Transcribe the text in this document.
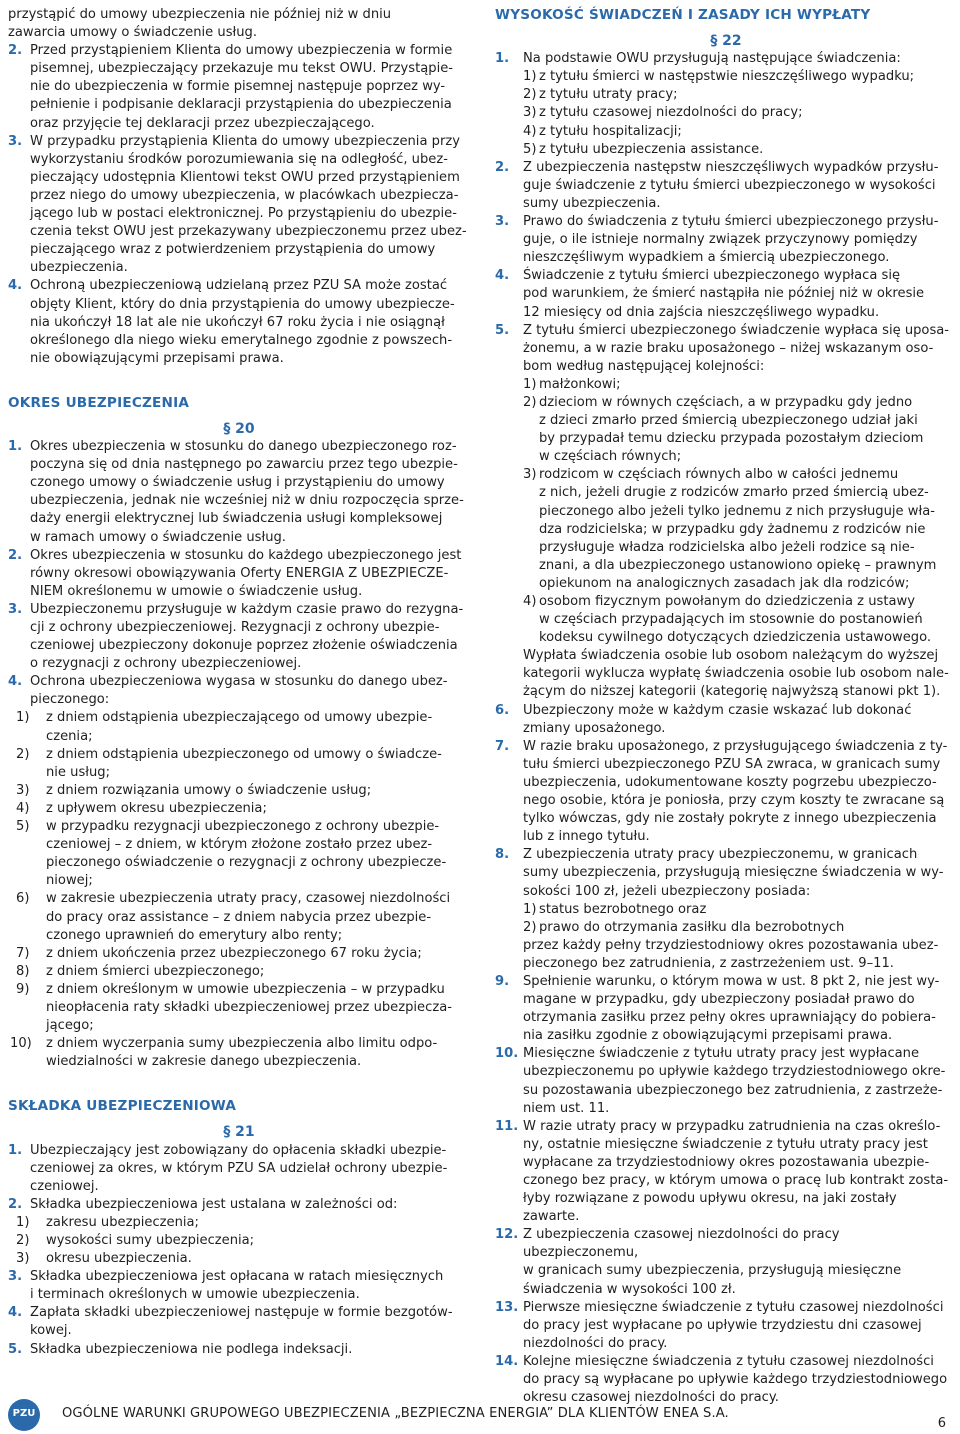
przystąpić do umowy ubezpieczenia nie później niż w dniu
zawarcia umowy o świadczenie usług.
2. Przed przystąpieniem Klienta do umowy ubezpieczenia w formie
pisemnej, ubezpieczający przekazuje mu tekst OWU. Przystąpie-
nie do ubezpieczenia w formie pisemnej następuje poprzez wy-
pełnienie i podpisanie deklaracji przystąpienia do ubezpieczenia
oraz przyjęcie tej deklaracji przez ubezpieczającego.
3. W przypadku przystąpienia Klienta do umowy ubezpieczenia przy
wykorzystaniu środków porozumiewania się na odległość, ubez-
pieczający udostępnia Klientowi tekst OWU przed przystąpieniem
przez niego do umowy ubezpieczenia, w placówkach ubezpiecza-
jącego lub w postaci elektronicznej. Po przystąpieniu do ubezpie-
czenia tekst OWU jest przekazywany ubezpieczonemu przez ubez-
pieczającego wraz z potwierdzeniem przystąpienia do umowy
ubezpieczenia.
4. Ochroną ubezpieczeniową udzielaną przez PZU SA może zostać
objęty Klient, który do dnia przystąpienia do umowy ubezpiecze-
nia ukończył 18 lat ale nie ukończył 67 roku życia i nie osiągnął
określonego dla niego wieku emerytalnego zgodnie z powszech-
nie obowiązującymi przepisami prawa.
OKRES UBEZPIECZENIA
§ 20
1. Okres ubezpieczenia w stosunku do danego ubezpieczonego roz-
poczyna się od dnia następnego po zawarciu przez tego ubezpie-
czonego umowy o świadczenie usług i przystąpieniu do umowy
ubezpieczenia, jednak nie wcześniej niż w dniu rozpoczęcia sprze-
daży energii elektrycznej lub świadczenia usługi kompleksowej
w ramach umowy o świadczenie usług.
2. Okres ubezpieczenia w stosunku do każdego ubezpieczonego jest
równy okresowi obowiązywania Oferty ENERGIA Z UBEZPIECZE-
NIEM określonemu w umowie o świadczenie usług.
3. Ubezpieczonemu przysługuje w każdym czasie prawo do rezygna-
cji z ochrony ubezpieczeniowej. Rezygnacji z ochrony ubezpie-
czeniowej ubezpieczony dokonuje poprzez złożenie oświadczenia
o rezygnacji z ochrony ubezpieczeniowej.
4. Ochrona ubezpieczeniowa wygasa w stosunku do danego ubez-
pieczonego:
1) z dniem odstąpienia ubezpieczającego od umowy ubezpie-
czenia;
2) z dniem odstąpienia ubezpieczonego od umowy o świadcze-
nie usług;
3) z dniem rozwiązania umowy o świadczenie usług;
4) z upływem okresu ubezpieczenia;
5) w przypadku rezygnacji ubezpieczonego z ochrony ubezpie-
czeniowej – z dniem, w którym złożone zostało przez ubez-
pieczonego oświadczenie o rezygnacji z ochrony ubezpiecze-
niowej;
6) w zakresie ubezpieczenia utraty pracy, czasowej niezdolności
do pracy oraz assistance – z dniem nabycia przez ubezpie-
czonego uprawnień do emerytury albo renty;
7) z dniem ukończenia przez ubezpieczonego 67 roku życia;
8) z dniem śmierci ubezpieczonego;
9) z dniem określonym w umowie ubezpieczenia – w przypadku
nieopłacenia raty składki ubezpieczeniowej przez ubezpiecza-
jącego;
10) z dniem wyczerpania sumy ubezpieczenia albo limitu odpo-
wiedzialności w zakresie danego ubezpieczenia.
SKŁADKA UBEZPIECZENIOWA
§ 21
1. Ubezpieczający jest zobowiązany do opłacenia składki ubezpie-
czeniowej za okres, w którym PZU SA udzielał ochrony ubezpie-
czeniowej.
2. Składka ubezpieczeniowa jest ustalana w zależności od:
1) zakresu ubezpieczenia;
2) wysokości sumy ubezpieczenia;
3) okresu ubezpieczenia.
3. Składka ubezpieczeniowa jest opłacana w ratach miesięcznych
i terminach określonych w umowie ubezpieczenia.
4. Zapłata składki ubezpieczeniowej następuje w formie bezgotów-
kowej.
5. Składka ubezpieczeniowa nie podlega indeksacji.
WYSOKOŚĆ ŚWIADCZEŃ I ZASADY ICH WYPŁATY
§ 22
1. Na podstawie OWU przysługują następujące świadczenia:
1) z tytułu śmierci w następstwie nieszczęśliwego wypadku;
2) z tytułu utraty pracy;
3) z tytułu czasowej niezdolności do pracy;
4) z tytułu hospitalizacji;
5) z tytułu ubezpieczenia assistance.
2. Z ubezpieczenia następstw nieszczęśliwych wypadków przysłu-
guje świadczenie z tytułu śmierci ubezpieczonego w wysokości
sumy ubezpieczenia.
3. Prawo do świadczenia z tytułu śmierci ubezpieczonego przysłu-
guje, o ile istnieje normalny związek przyczynowy pomiędzy
nieszczęśliwym wypadkiem a śmiercią ubezpieczonego.
4. Świadczenie z tytułu śmierci ubezpieczonego wypłaca się
pod warunkiem, że śmierć nastąpiła nie później niż w okresie
12 miesięcy od dnia zajścia nieszczęśliwego wypadku.
5. Z tytułu śmierci ubezpieczonego świadczenie wypłaca się uposa-
żonemu, a w razie braku uposażonego – niżej wskazanym oso-
bom według następującej kolejności:
1) małżonkowi;
2) dzieciom w równych częściach, a w przypadku gdy jedno
z dzieci zmarło przed śmiercią ubezpieczonego udział jaki
by przypadał temu dziecku przypada pozostałym dzieciom
w częściach równych;
3) rodzicom w częściach równych albo w całości jednemu
z nich, jeżeli drugie z rodziców zmarło przed śmiercią ubez-
pieczonego albo jeżeli tylko jednemu z nich przysługuje wła-
dza rodzicielska; w przypadku gdy żadnemu z rodziców nie
przysługuje władza rodzicielska albo jeżeli rodzice są nie-
znani, a dla ubezpieczonego ustanowiono opiekę – prawnym
opiekunom na analogicznych zasadach jak dla rodziców;
4) osobom fizycznym powołanym do dziedziczenia z ustawy
w częściach przypadających im stosownie do postanowień
kodeksu cywilnego dotyczących dziedziczenia ustawowego.
Wypłata świadczenia osobie lub osobom należącym do wyższej
kategorii wyklucza wypłatę świadczenia osobie lub osobom nale-
żącym do niższej kategorii (kategorię najwyższą stanowi pkt 1).
6. Ubezpieczony może w każdym czasie wskazać lub dokonać
zmiany uposażonego.
7. W razie braku uposażonego, z przysługującego świadczenia z ty-
tułu śmierci ubezpieczonego PZU SA zwraca, w granicach sumy
ubezpieczenia, udokumentowane koszty pogrzebu ubezpieczo-
nego osobie, która je poniosła, przy czym koszty te zwracane są
tylko wówczas, gdy nie zostały pokryte z innego ubezpieczenia
lub z innego tytułu.
8. Z ubezpieczenia utraty pracy ubezpieczonemu, w granicach
sumy ubezpieczenia, przysługują miesięczne świadczenia w wy-
sokości 100 zł, jeżeli ubezpieczony posiada:
1) status bezrobotnego oraz
2) prawo do otrzymania zasiłku dla bezrobotnych
przez każdy pełny trzydziestodniowy okres pozostawania ubez-
pieczonego bez zatrudnienia, z zastrzeżeniem ust. 9–11.
9. Spełnienie warunku, o którym mowa w ust. 8 pkt 2, nie jest wy-
magane w przypadku, gdy ubezpieczony posiadał prawo do
otrzymania zasiłku przez pełny okres uprawniający do pobiera-
nia zasiłku zgodnie z obowiązującymi przepisami prawa.
10. Miesięczne świadczenie z tytułu utraty pracy jest wypłacane
ubezpieczonemu po upływie każdego trzydziestodniowego okre-
su pozostawania ubezpieczonego bez zatrudnienia, z zastrzeże-
niem ust. 11.
11. W razie utraty pracy w przypadku zatrudnienia na czas określo-
ny, ostatnie miesięczne świadczenie z tytułu utraty pracy jest
wypłacane za trzydziestodniowy okres pozostawania ubezpie-
czonego bez pracy, w którym umowa o pracę lub kontrakt zosta-
łyby rozwiązane z powodu upływu okresu, na jaki zostały
zawarte.
12. Z ubezpieczenia czasowej niezdolności do pracy ubezpieczonemu,
w granicach sumy ubezpieczenia, przysługują miesięczne
świadczenia w wysokości 100 zł.
13. Pierwsze miesięczne świadczenie z tytułu czasowej niezdolności
do pracy jest wypłacane po upływie trzydziestu dni czasowej
niezdolności do pracy.
14. Kolejne miesięczne świadczenia z tytułu czasowej niezdolności
do pracy są wypłacane po upływie każdego trzydziestodniowego
okresu czasowej niezdolności do pracy.
PZU	OGÓLNE WARUNKI GRUPOWEGO UBEZPIECZENIA „BEZPIECZNA ENERGIA” DLA KLIENTÓW ENEA S.A.
6
